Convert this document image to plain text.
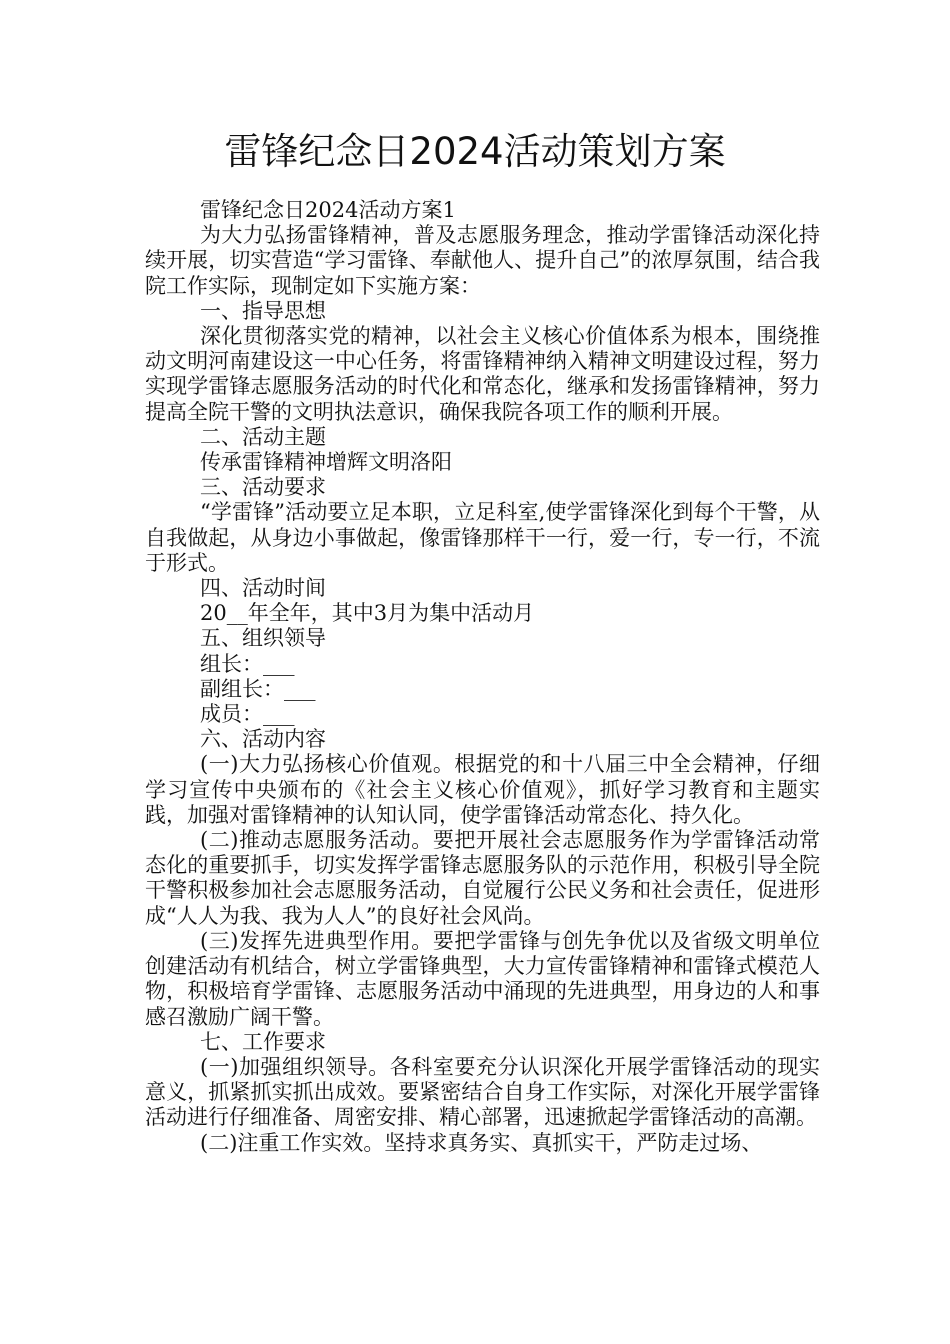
雷锋纪念日2024活动策划方案

雷锋纪念日2024活动方案1

为大力弘扬雷锋精神，普及志愿服务理念，推动学雷锋活动深化持续开展，切实营造“学习雷锋、奉献他人、提升自己”的浓厚氛围，结合我院工作实际，现制定如下实施方案：

一、指导思想

深化贯彻落实党的精神，以社会主义核心价值体系为根本，围绕推动文明河南建设这一中心任务，将雷锋精神纳入精神文明建设过程，努力实现学雷锋志愿服务活动的时代化和常态化，继承和发扬雷锋精神，努力提高全院干警的文明执法意识，确保我院各项工作的顺利开展。

二、活动主题

传承雷锋精神增辉文明洛阳

三、活动要求

“学雷锋”活动要立足本职，立足科室,使学雷锋深化到每个干警，从自我做起，从身边小事做起，像雷锋那样干一行，爱一行，专一行，不流于形式。

四、活动时间

20__年全年，其中3月为集中活动月

五、组织领导

组长：___

副组长：___

成员：___

六、活动内容

(一)大力弘扬核心价值观。根据党的和十八届三中全会精神，仔细学习宣传中央颁布的《社会主义核心价值观》，抓好学习教育和主题实践，加强对雷锋精神的认知认同，使学雷锋活动常态化、持久化。

(二)推动志愿服务活动。要把开展社会志愿服务作为学雷锋活动常态化的重要抓手，切实发挥学雷锋志愿服务队的示范作用，积极引导全院干警积极参加社会志愿服务活动，自觉履行公民义务和社会责任，促进形成“人人为我、我为人人”的良好社会风尚。

(三)发挥先进典型作用。要把学雷锋与创先争优以及省级文明单位创建活动有机结合，树立学雷锋典型，大力宣传雷锋精神和雷锋式模范人物，积极培育学雷锋、志愿服务活动中涌现的先进典型，用身边的人和事感召激励广阔干警。

七、工作要求

(一)加强组织领导。各科室要充分认识深化开展学雷锋活动的现实意义，抓紧抓实抓出成效。要紧密结合自身工作实际，对深化开展学雷锋活动进行仔细准备、周密安排、精心部署，迅速掀起学雷锋活动的高潮。

(二)注重工作实效。坚持求真务实、真抓实干，严防走过场、
